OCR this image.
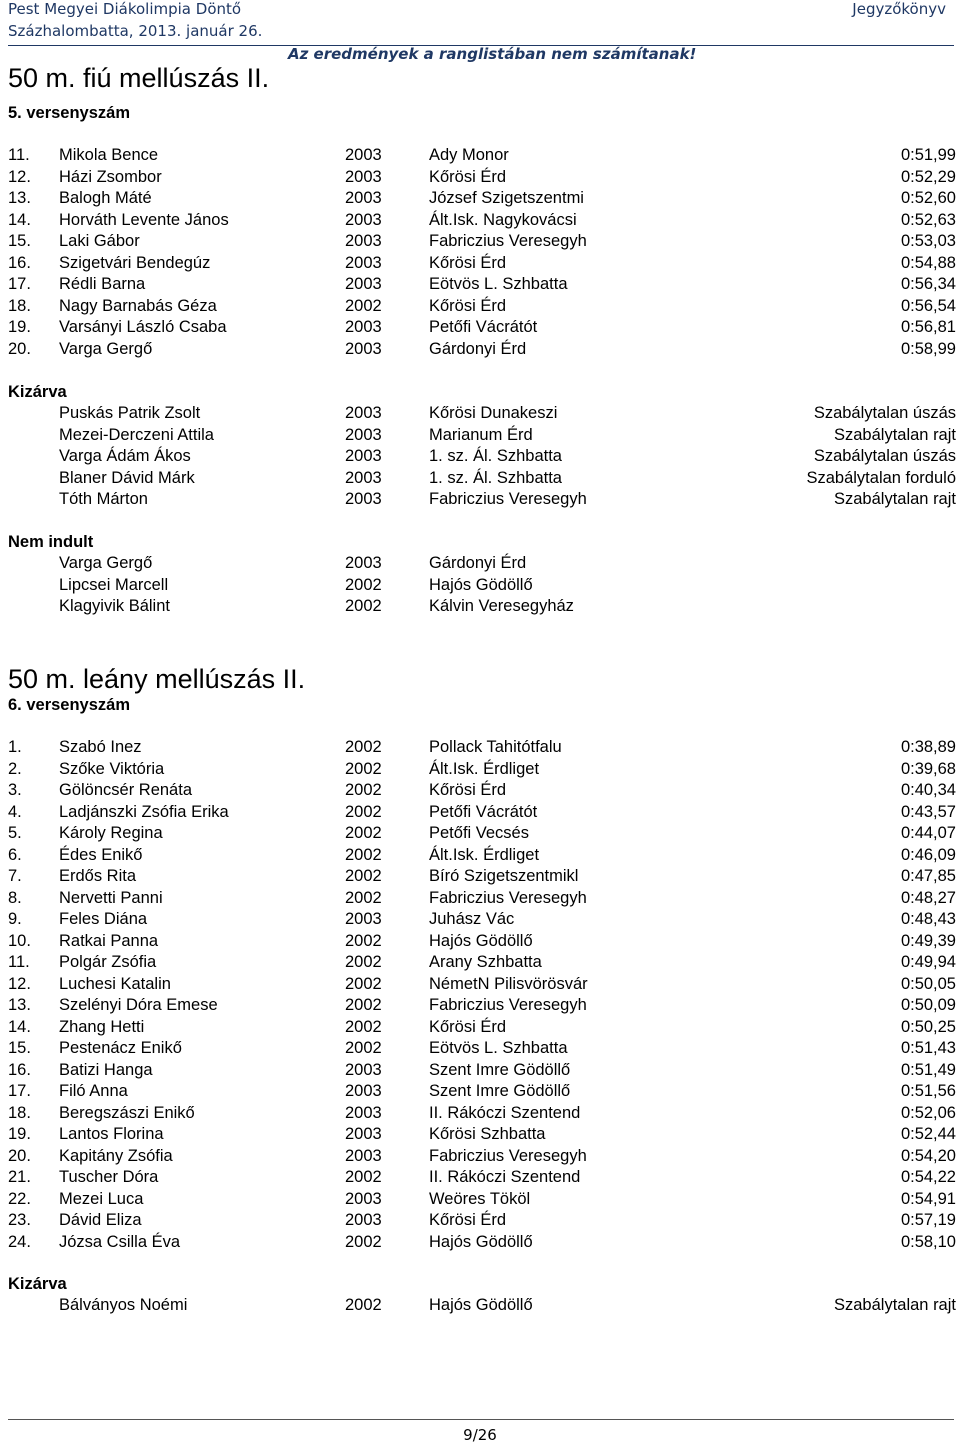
Pest Megyei Diákolimpia Döntő
Százhalombatta, 2013. január 26.
Jegyzőkönyv
Az eredmények a ranglistában nem számítanak!
50 m. fiú mellúszás II.
5. versenyszám
11. Mikola Bence	2003	Ady Monor	0:51,99
12. Házi Zsombor	2003	Kőrösi Érd	0:52,29
13. Balogh Máté	2003	József Szigetszentmi	0:52,60
14. Horváth Levente János	2003	Ált.Isk. Nagykovácsi	0:52,63
15. Laki Gábor	2003	Fabriczius Veresegyh	0:53,03
16. Szigetvári Bendegúz	2003	Kőrösi Érd	0:54,88
17. Rédli Barna	2003	Eötvös L. Szhbatta	0:56,34
18. Nagy Barnabás Géza	2002	Kőrösi Érd	0:56,54
19. Varsányi László Csaba	2003	Petőfi Vácrátót	0:56,81
20. Varga Gergő	2003	Gárdonyi Érd	0:58,99
Kizárva
Puskás Patrik Zsolt	2003	Kőrösi Dunakeszi	Szabálytalan úszás
Mezei-Derczeni Attila	2003	Marianum Érd	Szabálytalan rajt
Varga Ádám Ákos	2003	1. sz. Ál. Szhbatta	Szabálytalan úszás
Blaner Dávid Márk	2003	1. sz. Ál. Szhbatta	Szabálytalan forduló
Tóth Márton	2003	Fabriczius Veresegyh	Szabálytalan rajt
Nem indult
Varga Gergő	2003	Gárdonyi Érd
Lipcsei Marcell	2002	Hajós Gödöllő
Klagyivik Bálint	2002	Kálvin Veresegyház
50 m. leány mellúszás II.
6. versenyszám
1. Szabó Inez	2002	Pollack Tahitótfalu	0:38,89
2. Szőke Viktória	2002	Ált.Isk. Érdliget	0:39,68
3. Gölöncsér Renáta	2002	Kőrösi Érd	0:40,34
4. Ladjánszki Zsófia Erika	2002	Petőfi Vácrátót	0:43,57
5. Károly Regina	2002	Petőfi Vecsés	0:44,07
6. Édes Enikő	2002	Ált.Isk. Érdliget	0:46,09
7. Erdős Rita	2002	Bíró Szigetszentmikl	0:47,85
8. Nervetti Panni	2002	Fabriczius Veresegyh	0:48,27
9. Feles Diána	2003	Juhász Vác	0:48,43
10. Ratkai Panna	2002	Hajós Gödöllő	0:49,39
11. Polgár Zsófia	2002	Arany Szhbatta	0:49,94
12. Luchesi Katalin	2002	NémetN Pilisvörösvár	0:50,05
13. Szelényi Dóra Emese	2002	Fabriczius Veresegyh	0:50,09
14. Zhang Hetti	2002	Kőrösi Érd	0:50,25
15. Pestenácz Enikő	2002	Eötvös L. Szhbatta	0:51,43
16. Batizi Hanga	2003	Szent Imre Gödöllő	0:51,49
17. Filó Anna	2003	Szent Imre Gödöllő	0:51,56
18. Beregszászi Enikő	2003	II. Rákóczi Szentend	0:52,06
19. Lantos Florina	2003	Kőrösi Szhbatta	0:52,44
20. Kapitány Zsófia	2003	Fabriczius Veresegyh	0:54,20
21. Tuscher Dóra	2002	II. Rákóczi Szentend	0:54,22
22. Mezei Luca	2003	Weöres Tököl	0:54,91
23. Dávid Eliza	2003	Kőrösi Érd	0:57,19
24. Józsa Csilla Éva	2002	Hajós Gödöllő	0:58,10
Kizárva
Bálványos Noémi	2002	Hajós Gödöllő	Szabálytalan rajt
9/26
